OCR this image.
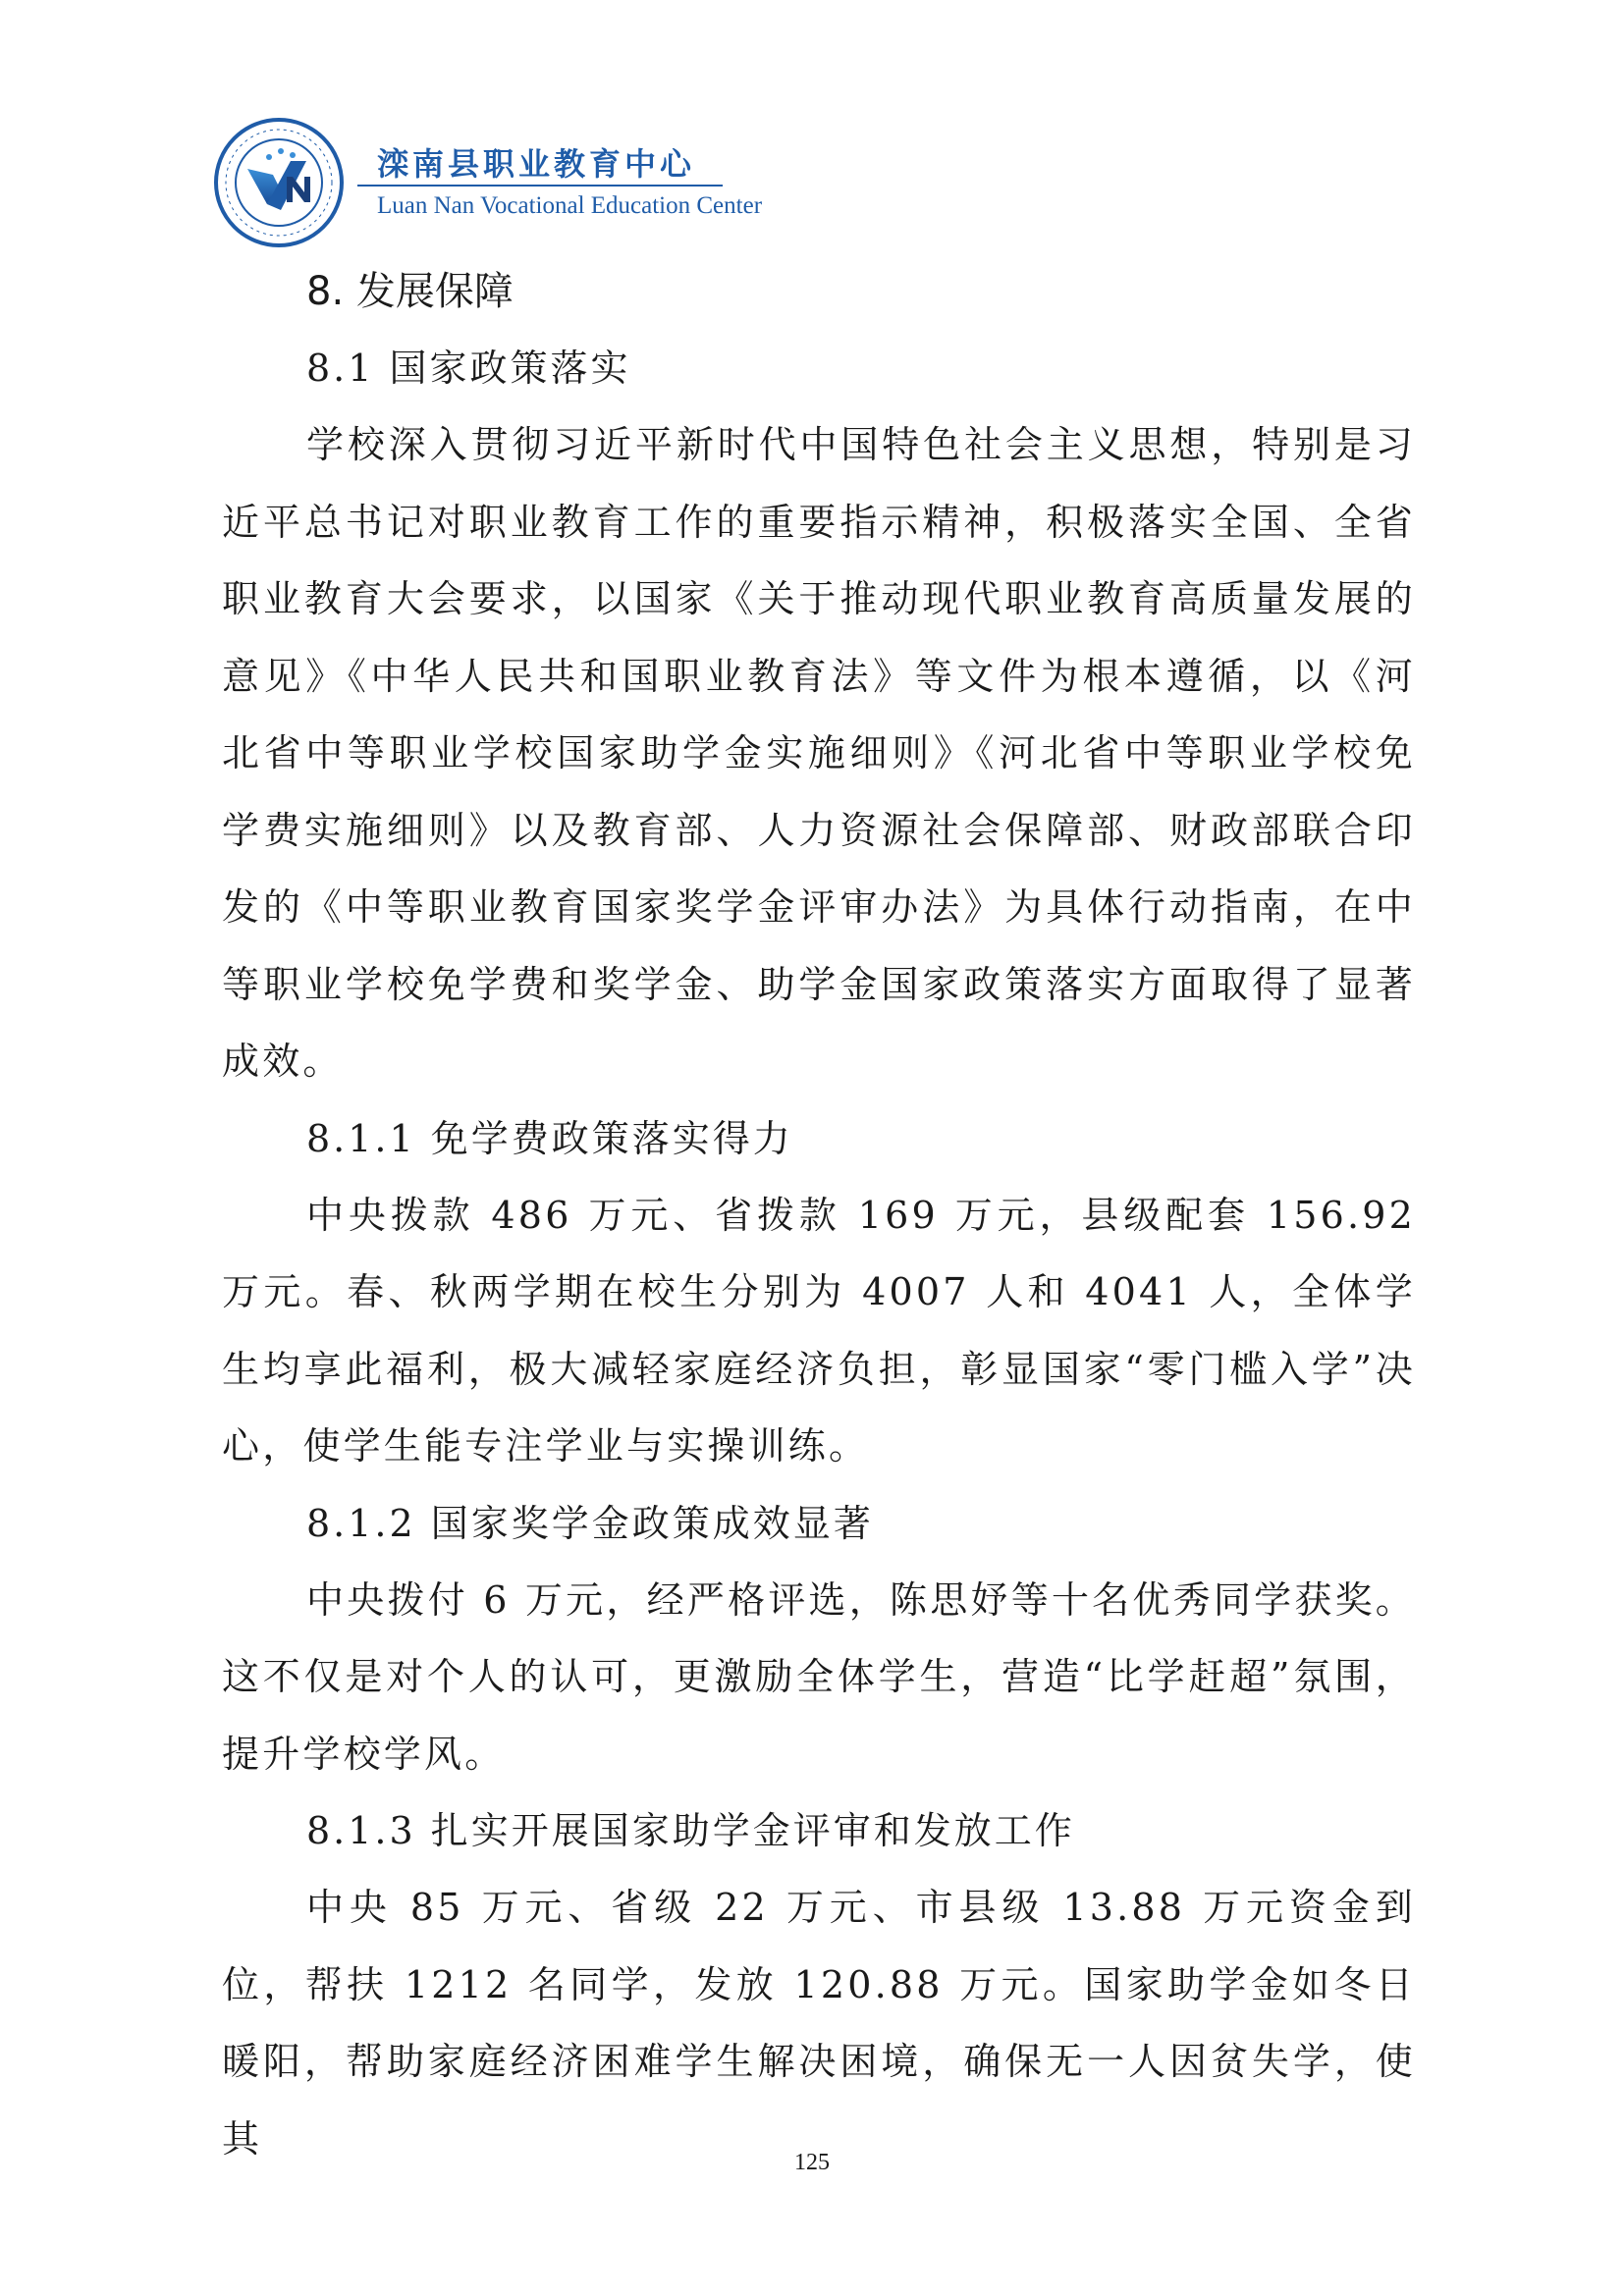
滦南县职业教育中心
Luan Nan Vocational Education Center
8. 发展保障
8.1 国家政策落实

学校深入贯彻习近平新时代中国特色社会主义思想，特别是习近平总书记对职业教育工作的重要指示精神，积极落实全国、全省职业教育大会要求，以国家《关于推动现代职业教育高质量发展的意见》《中华人民共和国职业教育法》等文件为根本遵循，以《河北省中等职业学校国家助学金实施细则》《河北省中等职业学校免学费实施细则》以及教育部、人力资源社会保障部、财政部联合印发的《中等职业教育国家奖学金评审办法》为具体行动指南，在中等职业学校免学费和奖学金、助学金国家政策落实方面取得了显著成效。

8.1.1 免学费政策落实得力

中央拨款 486 万元、省拨款 169 万元，县级配套 156.92 万元。春、秋两学期在校生分别为 4007 人和 4041 人，全体学生均享此福利，极大减轻家庭经济负担，彰显国家“零门槛入学”决心，使学生能专注学业与实操训练。

8.1.2 国家奖学金政策成效显著

中央拨付 6 万元，经严格评选，陈思妤等十名优秀同学获奖。这不仅是对个人的认可，更激励全体学生，营造“比学赶超”氛围，提升学校学风。

8.1.3 扎实开展国家助学金评审和发放工作

中央 85 万元、省级 22 万元、市县级 13.88 万元资金到位，帮扶 1212 名同学，发放 120.88 万元。国家助学金如冬日暖阳，帮助家庭经济困难学生解决困境，确保无一人因贫失学，使其

125
